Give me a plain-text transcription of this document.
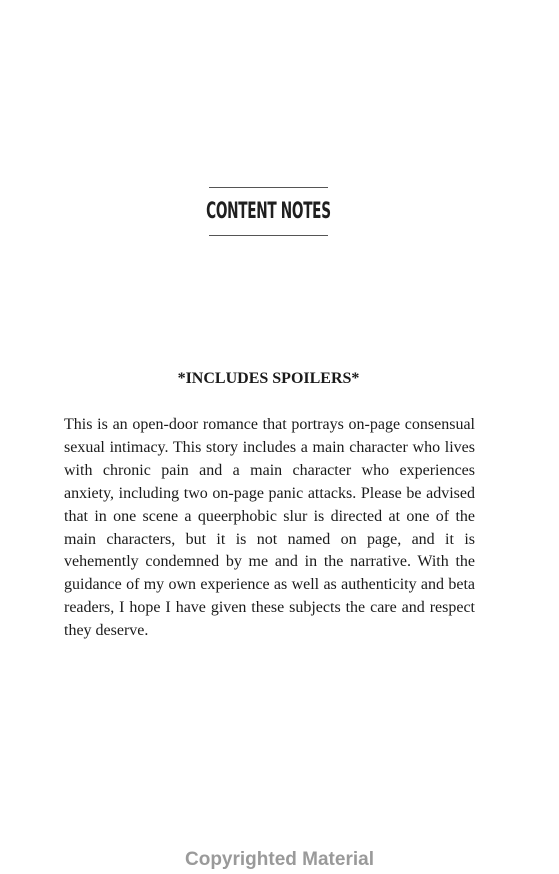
CONTENT NOTES
*INCLUDES SPOILERS*

This is an open-door romance that portrays on-page consensual sexual intimacy. This story includes a main character who lives with chronic pain and a main character who experiences anxiety, including two on-page panic attacks. Please be advised that in one scene a queerphobic slur is directed at one of the main characters, but it is not named on page, and it is vehemently condemned by me and in the narrative. With the guidance of my own experience as well as authenticity and beta readers, I hope I have given these subjects the care and respect they deserve.

Copyrighted Material
